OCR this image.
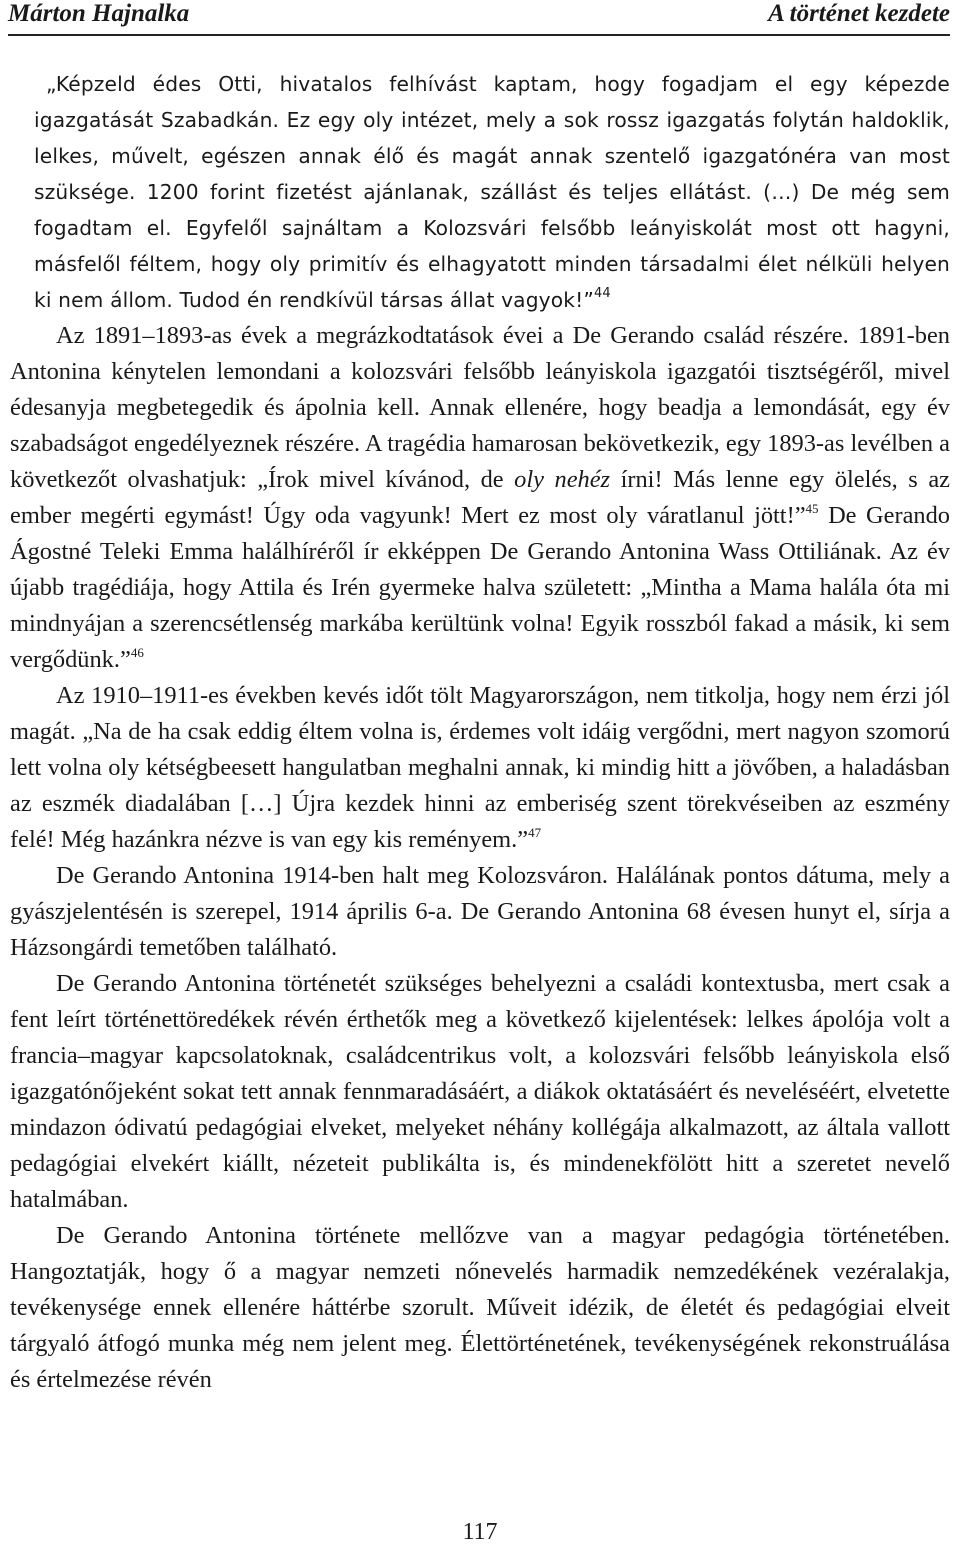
Márton Hajnalka	A történet kezdete

„Képzeld édes Otti, hivatalos felhívást kaptam, hogy fogadjam el egy képezde igazgatását Szabadkán. Ez egy oly intézet, mely a sok rossz igazgatás folytán haldoklik, lelkes, művelt, egészen annak élő és magát annak szentelő igazgatónéra van most szüksége. 1200 forint fizetést ajánlanak, szállást és teljes ellátást. (…) De még sem fogadtam el. Egyfelől sajnáltam a Kolozsvári felsőbb leányiskolát most ott hagyni, másfelől féltem, hogy oly primitív és elhagyatott minden társadalmi élet nélküli helyen ki nem állom. Tudod én rendkívül társas állat vagyok!”$^{44}$

Az 1891–1893-as évek a megrázkodtatások évei a De Gerando család részére. 1891-ben Antonina kénytelen lemondani a kolozsvári felsőbb leányiskola igazgatói tisztségéről, mivel édesanyja megbetegedik és ápolnia kell. Annak ellenére, hogy beadja a lemondását, egy év szabadságot engedélyeznek részére. A tragédia hamarosan bekövetkezik, egy 1893-as levélben a következőt olvashatjuk: „Írok mivel kívánod, de oly nehéz írni! Más lenne egy ölelés, s az ember megérti egymást! Úgy oda vagyunk! Mert ez most oly váratlanul jött!”$^{45}$ De Gerando Ágostné Teleki Emma halálhíréről ír ekképpen De Gerando Antonina Wass Ottiliának. Az év újabb tragédiája, hogy Attila és Irén gyermeke halva született: „Mintha a Mama halála óta mi mindnyájan a szerencsétlenség markába kerültünk volna! Egyik rosszból fakad a másik, ki sem vergődünk.”$^{46}$

Az 1910–1911-es években kevés időt tölt Magyarországon, nem titkolja, hogy nem érzi jól magát. „Na de ha csak eddig éltem volna is, érdemes volt idáig vergődni, mert nagyon szomorú lett volna oly kétségbeesett hangulatban meghalni annak, ki mindig hitt a jövőben, a haladásban az eszmék diadalában […] Újra kezdek hinni az emberiség szent törekvéseiben az eszmény felé! Még hazánkra nézve is van egy kis reményem.”$^{47}$

De Gerando Antonina 1914-ben halt meg Kolozsváron. Halálának pontos dátuma, mely a gyászjelentésén is szerepel, 1914 április 6-a. De Gerando Antonina 68 évesen hunyt el, sírja a Házsongárdi temetőben található.

De Gerando Antonina történetét szükséges behelyezni a családi kontextusba, mert csak a fent leírt történettöredékek révén érthetők meg a következő kijelentések: lelkes ápolója volt a francia–magyar kapcsolatoknak, családcentrikus volt, a kolozsvári felsőbb leányiskola első igazgatónőjeként sokat tett annak fennmaradásáért, a diákok oktatásáért és neveléséért, elvetette mindazon ódivatú pedagógiai elveket, melyeket néhány kollégája alkalmazott, az általa vallott pedagógiai elvekért kiállt, nézeteit publikálta is, és mindenekfölött hitt a szeretet nevelő hatalmában.

De Gerando Antonina története mellőzve van a magyar pedagógia történetében. Hangoztatják, hogy ő a magyar nemzeti nőnevelés harmadik nemzedékének vezéralakja, tevékenysége ennek ellenére háttérbe szorult. Műveit idézik, de életét és pedagógiai elveit tárgyaló átfogó munka még nem jelent meg. Élettörténetének, tevékenységének rekonstruálása és értelmezése révén

117
